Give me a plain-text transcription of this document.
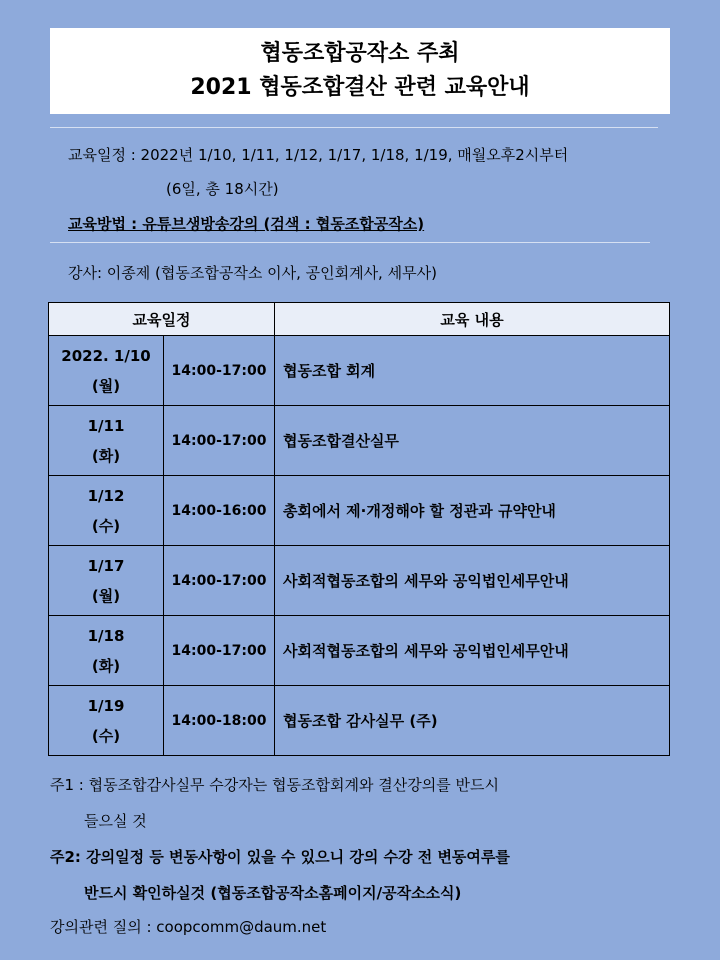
협동조합공작소 주최
2021 협동조합결산 관련 교육안내
교육일정 : 2022년 1/10, 1/11, 1/12, 1/17, 1/18, 1/19, 매월오후2시부터
(6일, 총 18시간)
교육방법 : 유튜브생방송강의 (검색 : 협동조합공작소)
강사: 이종제 (협동조합공작소 이사, 공인회계사, 세무사)
교육일정		교육 내용

2022. 1/10
(월)	14:00-17:00	협동조합 회계

1/11
(화)	14:00-17:00	협동조합결산실무

1/12
(수)	14:00-16:00	총회에서 제·개정해야 할 정관과 규약안내

1/17
(월)	14:00-17:00	사회적협동조합의 세무와 공익법인세무안내

1/18
(화)	14:00-17:00	사회적협동조합의 세무와 공익법인세무안내

1/19
(수)	14:00-18:00	협동조합 감사실무 (주)
주1 : 협동조합감사실무 수강자는 협동조합회계와 결산강의를 반드시
들으실 것
주2: 강의일정 등 변동사항이 있을 수 있으니 강의 수강 전 변동여루를
반드시 확인하실것 (협동조합공작소홈페이지/공작소소식)
강의관련 질의 : coopcomm@daum.net
